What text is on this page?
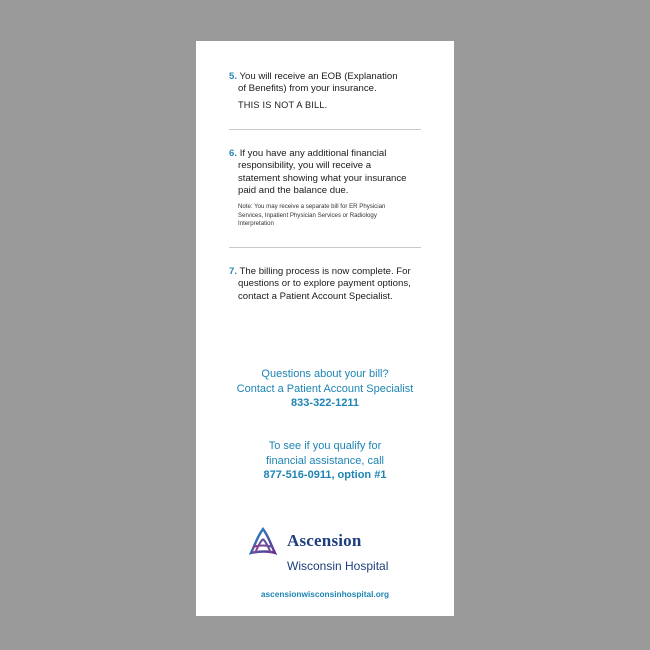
5. You will receive an EOB (Explanation
of Benefits) from your insurance.
THIS IS NOT A BILL.
6. If you have any additional financial
responsibility, you will receive a
statement showing what your insurance
paid and the balance due.
Note: You may receive a separate bill for ER Physician
Services, Inpatient Physician Services or Radiology
Interpretation
7. The billing process is now complete. For
questions or to explore payment options,
contact a Patient Account Specialist.
Questions about your bill?
Contact a Patient Account Specialist
833-322-1211
To see if you qualify for
financial assistance, call
877-516-0911, option #1
Ascension
Wisconsin Hospital
ascensionwisconsinhospital.org
